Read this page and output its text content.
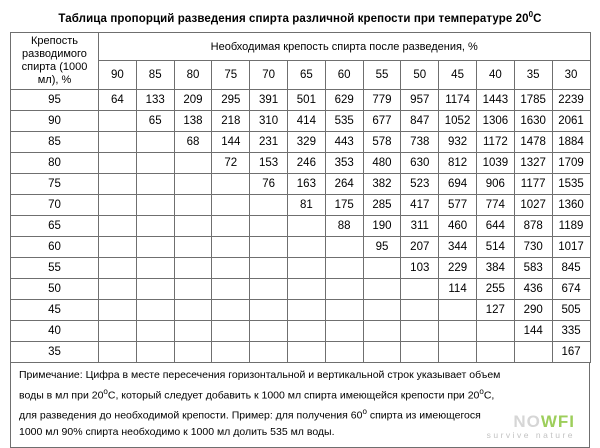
Таблица пропорций разведения спирта различной крепости при температуре $20^0С$
Крепость разводимого спирта (1000 мл), %	Необходимая крепость спирта после разведения, %												
	90	85	80	75	70	65	60	55	50	45	40	35	30
95	64	133	209	295	391	501	629	779	957	1174	1443	1785	2239
90		65	138	218	310	414	535	677	847	1052	1306	1630	2061
85			68	144	231	329	443	578	738	932	1172	1478	1884
80				72	153	246	353	480	630	812	1039	1327	1709
75					76	163	264	382	523	694	906	1177	1535
70						81	175	285	417	577	774	1027	1360
65							88	190	311	460	644	878	1189
60								95	207	344	514	730	1017
55									103	229	384	583	845
50										114	255	436	674
45											127	290	505
40												144	335
35													167

Примечание: Цифра в месте пересечения горизонтальной и вертикальной строк указывает объем

воды в мл при $20^оС$, который следует добавить к 1000 мл спирта имеющейся крепости при $20^оС$,

для разведения до необходимой крепости. Пример: для получения $60^о$ спирта из имеющегося

1000 мл 90% спирта необходимо к 1000 мл долить 535 мл воды.

NOWFI
survive nature
